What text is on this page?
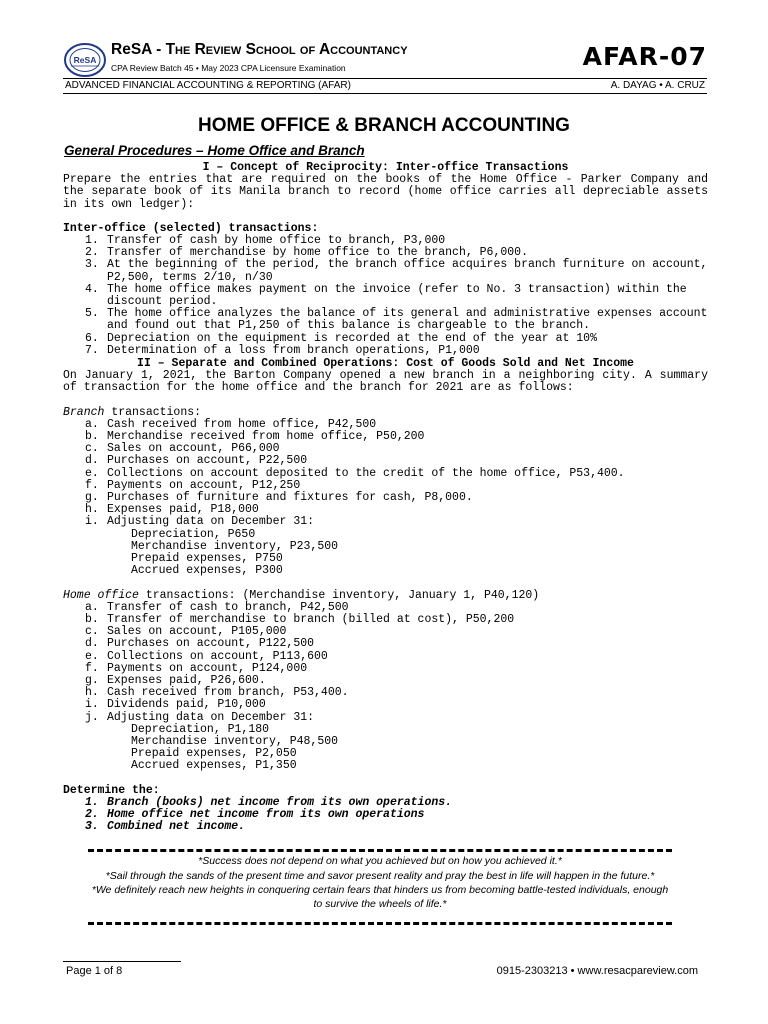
ReSA
ReSA - The Review School of Accountancy
CPA Review Batch 45 • May 2023 CPA Licensure Examination	AFAR-07
ADVANCED FINANCIAL ACCOUNTING & REPORTING (AFAR)	A. DAYAG • A. CRUZ
HOME OFFICE & BRANCH ACCOUNTING
General Procedures – Home Office and Branch
I – Concept of Reciprocity: Inter-office Transactions
Prepare the entries that are required on the books of the Home Office - Parker Company and the separate book of its Manila branch to record (home office carries all depreciable assets in its own ledger):
Inter-office (selected) transactions:
1. Transfer of cash by home office to branch, P3,000
2. Transfer of merchandise by home office to the branch, P6,000.
3. At the beginning of the period, the branch office acquires branch furniture on account, P2,500, terms 2/10, n/30
4. The home office makes payment on the invoice (refer to No. 3 transaction) within the discount period.
5. The home office analyzes the balance of its general and administrative expenses account and found out that P1,250 of this balance is chargeable to the branch.
6. Depreciation on the equipment is recorded at the end of the year at 10%
7. Determination of a loss from branch operations, P1,000
II – Separate and Combined Operations: Cost of Goods Sold and Net Income
On January 1, 2021, the Barton Company opened a new branch in a neighboring city. A summary of transaction for the home office and the branch for 2021 are as follows:
Branch transactions:
a. Cash received from home office, P42,500
b. Merchandise received from home office, P50,200
c. Sales on account, P66,000
d. Purchases on account, P22,500
e. Collections on account deposited to the credit of the home office, P53,400.
f. Payments on account, P12,250
g. Purchases of furniture and fixtures for cash, P8,000.
h. Expenses paid, P18,000
i. Adjusting data on December 31:
Depreciation, P650
Merchandise inventory, P23,500
Prepaid expenses, P750
Accrued expenses, P300
Home office transactions: (Merchandise inventory, January 1, P40,120)
a. Transfer of cash to branch, P42,500
b. Transfer of merchandise to branch (billed at cost), P50,200
c. Sales on account, P105,000
d. Purchases on account, P122,500
e. Collections on account, P113,600
f. Payments on account, P124,000
g. Expenses paid, P26,600.
h. Cash received from branch, P53,400.
i. Dividends paid, P10,000
j. Adjusting data on December 31:
Depreciation, P1,180
Merchandise inventory, P48,500
Prepaid expenses, P2,050
Accrued expenses, P1,350
Determine the:
1. Branch (books) net income from its own operations.
2. Home office net income from its own operations
3. Combined net income.

*Success does not depend on what you achieved but on how you achieved it.*

*Sail through the sands of the present time and savor present reality and pray the best in life will happen in the future.*

*We definitely reach new heights in conquering certain fears that hinders us from becoming battle-tested individuals, enough to survive the wheels of life.*

Page 1 of 8	0915-2303213 • www.resacpareview.com
